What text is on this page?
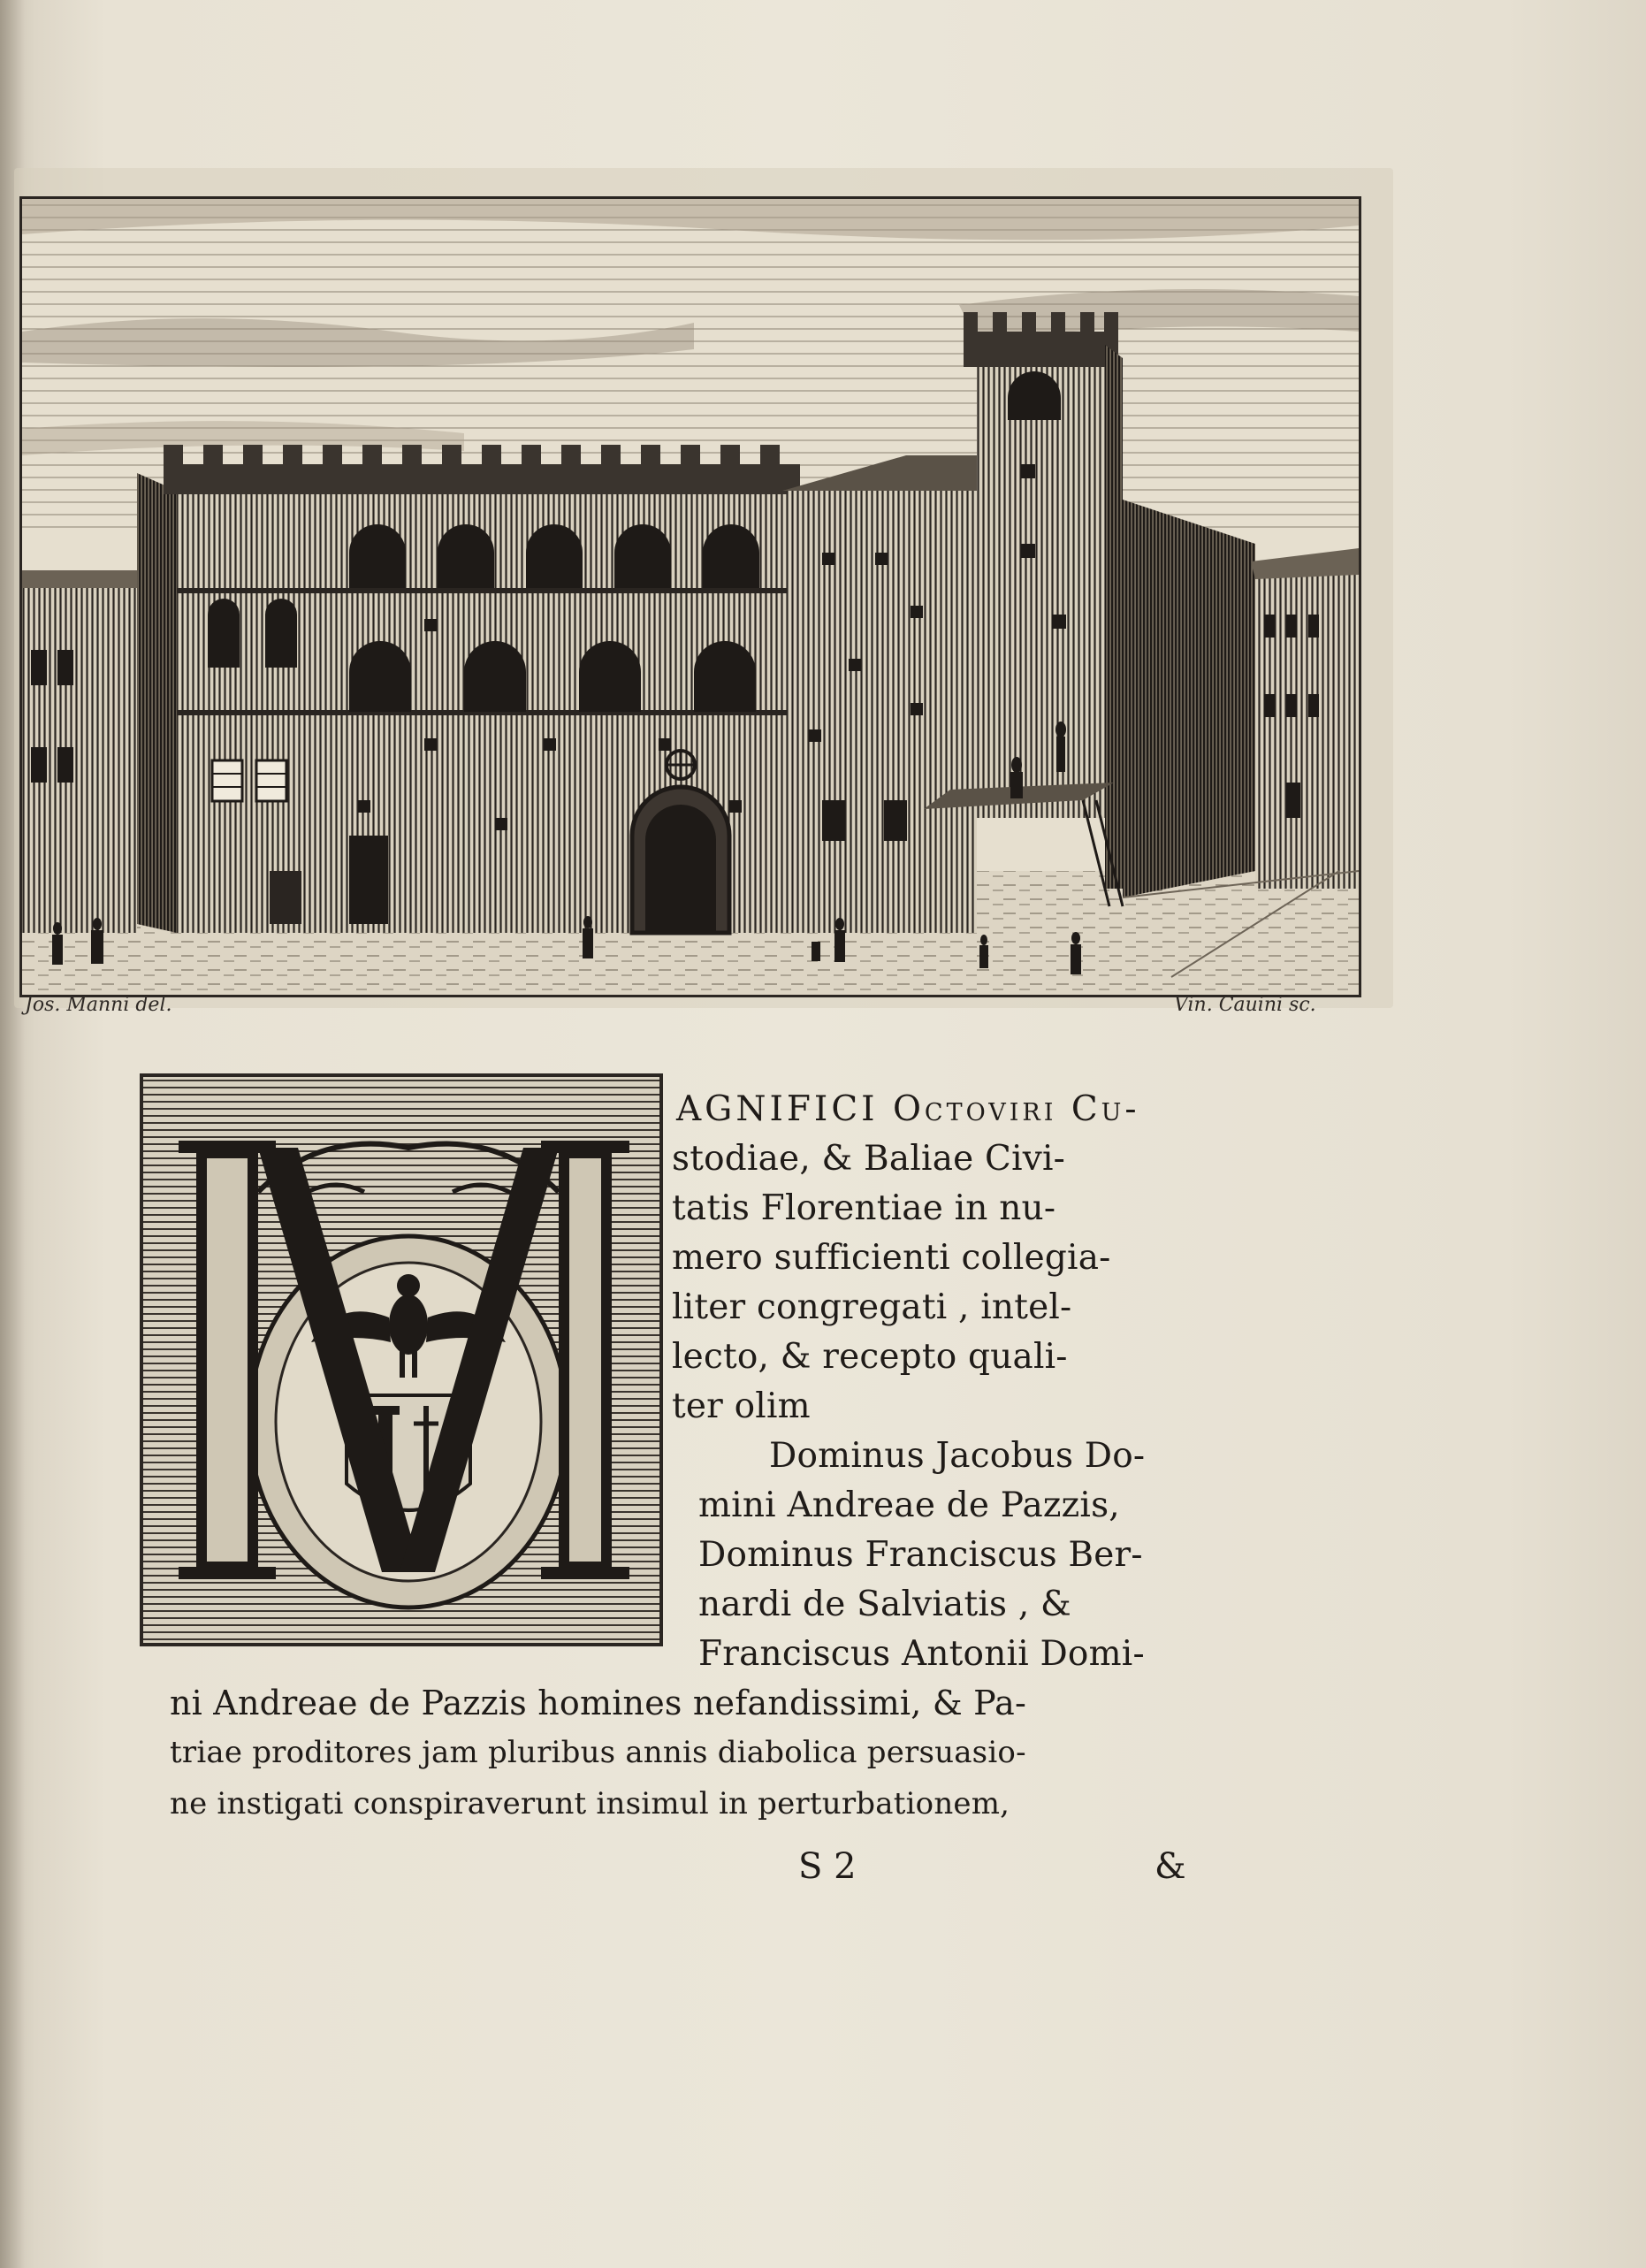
Jos. Manni del.	Vin. Cauini sc.
AGNIFICI Octoviri Cu-
stodiae, & Baliae Civi-
tatis Florentiae in nu-
mero sufficienti collegia-
liter congregati , intel-
lecto, & recepto quali-
ter olim
Dominus Jacobus Do-
mini Andreae de Pazzis,
Dominus Franciscus Ber-
nardi de Salviatis , &
Franciscus Antonii Domi-
ni Andreae de Pazzis homines nefandissimi, & Pa-
triae proditores jam pluribus annis diabolica persuasio-
ne instigati conspiraverunt insimul in perturbationem,
S 2	&
